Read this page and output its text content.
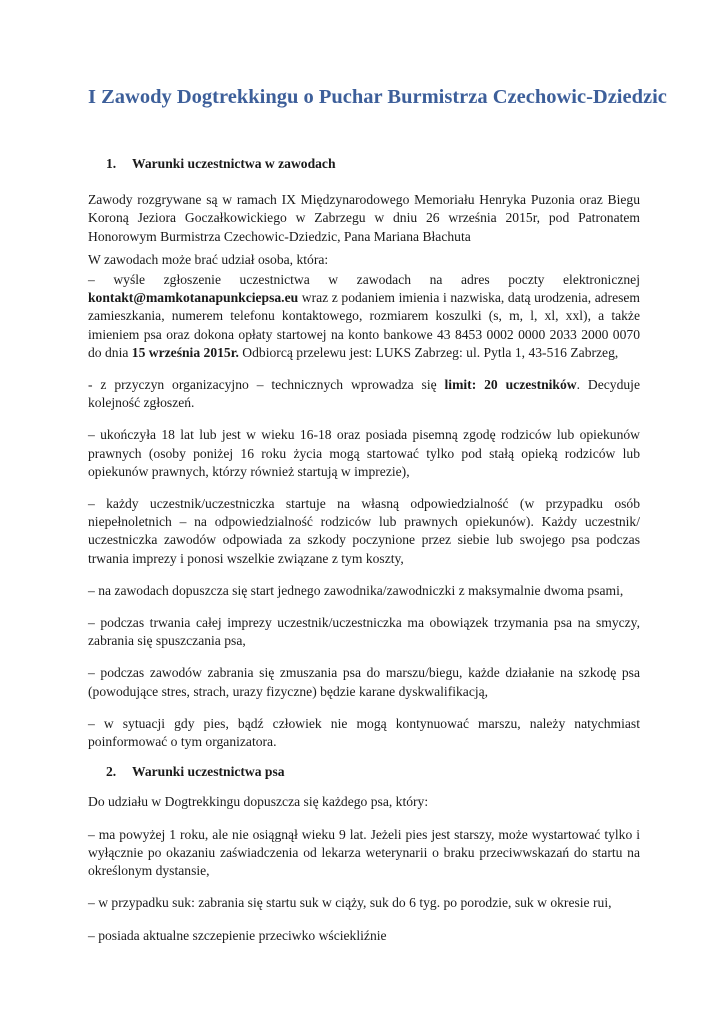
I Zawody Dogtrekkingu o Puchar Burmistrza Czechowic-Dziedzic
1. Warunki uczestnictwa w zawodach

Zawody rozgrywane są w ramach IX Międzynarodowego Memoriału Henryka Puzonia oraz Biegu Koroną Jeziora Goczałkowickiego w Zabrzegu w dniu 26 września 2015r, pod Patronatem Honorowym Burmistrza Czechowic-Dziedzic, Pana Mariana Błachuta

W zawodach może brać udział osoba, która:

– wyśle zgłoszenie uczestnictwa w zawodach na adres poczty elektronicznej kontakt@mamkotanapunkciepsa.eu wraz z podaniem imienia i nazwiska, datą urodzenia, adresem zamieszkania, numerem telefonu kontaktowego, rozmiarem koszulki (s, m, l, xl, xxl), a także imieniem psa oraz dokona opłaty startowej na konto bankowe 43 8453 0002 0000 2033 2000 0070 do dnia 15 września 2015r. Odbiorcą przelewu jest: LUKS Zabrzeg: ul. Pytla 1, 43-516 Zabrzeg,

- z przyczyn organizacyjno – technicznych wprowadza się limit: 20 uczestników. Decyduje kolejność zgłoszeń.

– ukończyła 18 lat lub jest w wieku 16-18 oraz posiada pisemną zgodę rodziców lub opiekunów prawnych (osoby poniżej 16 roku życia mogą startować tylko pod stałą opieką rodziców lub opiekunów prawnych, którzy również startują w imprezie),

– każdy uczestnik/uczestniczka startuje na własną odpowiedzialność (w przypadku osób niepełnoletnich – na odpowiedzialność rodziców lub prawnych opiekunów). Każdy uczestnik/ uczestniczka zawodów odpowiada za szkody poczynione przez siebie lub swojego psa podczas trwania imprezy i ponosi wszelkie związane z tym koszty,

– na zawodach dopuszcza się start jednego zawodnika/zawodniczki z maksymalnie dwoma psami,

– podczas trwania całej imprezy uczestnik/uczestniczka ma obowiązek trzymania psa na smyczy, zabrania się spuszczania psa,

– podczas zawodów zabrania się zmuszania psa do marszu/biegu, każde działanie na szkodę psa (powodujące stres, strach, urazy fizyczne) będzie karane dyskwalifikacją,

– w sytuacji gdy pies, bądź człowiek nie mogą kontynuować marszu, należy natychmiast poinformować o tym organizatora.

2. Warunki uczestnictwa psa

Do udziału w Dogtrekkingu dopuszcza się każdego psa, który:

– ma powyżej 1 roku, ale nie osiągnął wieku 9 lat. Jeżeli pies jest starszy, może wystartować tylko i wyłącznie po okazaniu zaświadczenia od lekarza weterynarii o braku przeciwwskazań do startu na określonym dystansie,

– w przypadku suk: zabrania się startu suk w ciąży, suk do 6 tyg. po porodzie, suk w okresie rui,

– posiada aktualne szczepienie przeciwko wściekliźnie
